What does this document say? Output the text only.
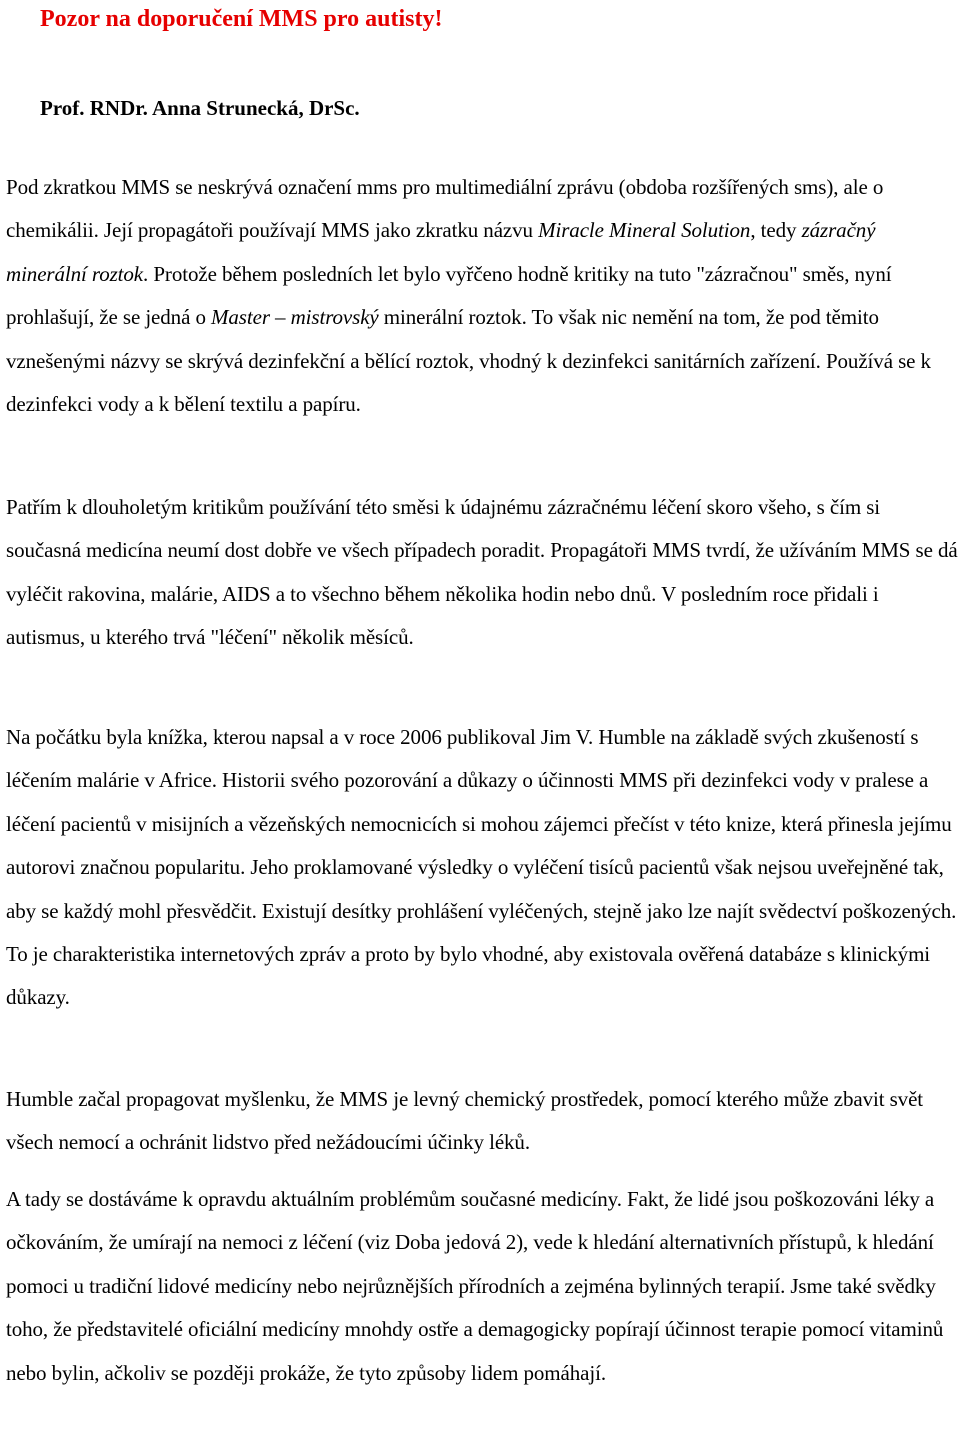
Pozor na doporučení MMS pro autisty!

Prof. RNDr. Anna Strunecká, DrSc.

Pod zkratkou MMS se neskrývá označení mms pro multimediální zprávu (obdoba rozšířených sms), ale o chemikálii. Její propagátoři používají MMS jako zkratku názvu Miracle Mineral Solution, tedy zázračný minerální roztok. Protože během posledních let bylo vyřčeno hodně kritiky na tuto "zázračnou" směs, nyní prohlašují, že se jedná o Master – mistrovský minerální roztok. To však nic nemění na tom, že pod těmito vznešenými názvy se skrývá dezinfekční a bělící roztok, vhodný k dezinfekci sanitárních zařízení. Používá se k dezinfekci vody a k bělení textilu a papíru.

Patřím k dlouholetým kritikům používání této směsi k údajnému zázračnému léčení skoro všeho, s čím si současná medicína neumí dost dobře ve všech případech poradit. Propagátoři MMS tvrdí, že užíváním MMS se dá vyléčit rakovina, malárie, AIDS a to všechno během několika hodin nebo dnů. V posledním roce přidali i autismus, u kterého trvá "léčení" několik měsíců.

Na počátku byla knížka, kterou napsal a v roce 2006 publikoval Jim V. Humble na základě svých zkušeností s léčením malárie v Africe. Historii svého pozorování a důkazy o účinnosti MMS při dezinfekci vody v pralese a léčení pacientů v misijních a vězeňských nemocnicích si mohou zájemci přečíst v této knize, která přinesla jejímu autorovi značnou popularitu. Jeho proklamované výsledky o vyléčení tisíců pacientů však nejsou uveřejněné tak, aby se každý mohl přesvědčit. Existují desítky prohlášení vyléčených, stejně jako lze najít svědectví poškozených. To je charakteristika internetových zpráv a proto by bylo vhodné, aby existovala ověřená databáze s klinickými důkazy.

Humble začal propagovat myšlenku, že MMS je levný chemický prostředek, pomocí kterého může zbavit svět všech nemocí a ochránit lidstvo před nežádoucími účinky léků.

A tady se dostáváme k opravdu aktuálním problémům současné medicíny. Fakt, že lidé jsou poškozováni léky a očkováním, že umírají na nemoci z léčení (viz Doba jedová 2), vede k hledání alternativních přístupů, k hledání pomoci u tradiční lidové medicíny nebo nejrůznějších přírodních a zejména bylinných terapií. Jsme také svědky toho, že představitelé oficiální medicíny mnohdy ostře a demagogicky popírají účinnost terapie pomocí vitaminů nebo bylin, ačkoliv se později prokáže, že tyto způsoby lidem pomáhají.
